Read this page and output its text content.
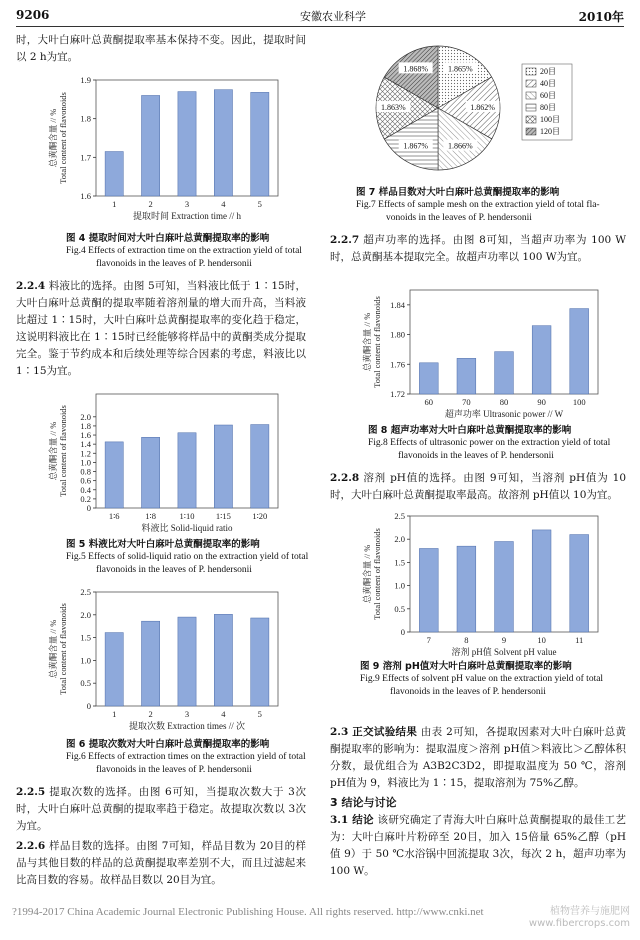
9206	安徽农业科学	2010年
时，大叶白麻叶总黄酮提取率基本保持不变。因此，提取时间以 2 h为宜。
1.6
1.7
1.8
1.9
总黄酮含量 // % Total content of flavonoids
1	2	3	4	5
提取时间 Extraction time // h
图 4 提取时间对大叶白麻叶总黄酮提取率的影响
Fig.4 Effects of extraction time on the extraction yield of total
flavonoids in the leaves of P. hendersonii
2.2.4 料液比的选择。由图 5可知，当料液比低于 1∶15时，大叶白麻叶总黄酮的提取率随着溶剂量的增大而升高，当料液比超过 1∶15时，大叶白麻叶总黄酮提取率的变化趋于稳定，这说明料液比在 1∶15时已经能够将样品中的黄酮类成分提取完全。鉴于节约成本和后续处理等综合因素的考虑，料液比以 1∶15为宜。
0
0.2
0.4
0.6
0.8
1.0
1.2
1.4
1.6
1.8
2.0
总黄酮含量 // % Total content of flavonoids
1∶6	1∶8	1∶10	1∶15	1∶20
料液比 Solid-liquid ratio
图 5 料液比对大叶白麻叶总黄酮提取率的影响
Fig.5 Effects of solid-liquid ratio on the extraction yield of total
flavonoids in the leaves of P. hendersonii
0
0.5
1.0
1.5
2.0
2.5
总黄酮含量 // % Total content of flavonoids
1	2	3	4	5
提取次数 Extraction times // 次
图 6 提取次数对大叶白麻叶总黄酮提取率的影响
Fig.6 Effects of extraction times on the extraction yield of total
flavonoids in the leaves of P. hendersonii
2.2.5 提取次数的选择。由图 6可知，当提取次数大于 3次时，大叶白麻叶总黄酮的提取率趋于稳定。故提取次数以 3次为宜。
2.2.6 样品目数的选择。由图 7可知，样品目数为 20目的样品与其他目数的样品的总黄酮提取率差别不大，而且过滤起来比高目数的容易。故样品目数以 20目为宜。
1.865%
1.862%
1.866%
1.867%
1.863%
1.868%	20目
40目
60目
80目
100目
120目
图 7 样品目数对大叶白麻叶总黄酮提取率的影响
Fig.7 Effects of sample mesh on the extraction yield of total fla-
vonoids in the leaves of P. hendersonii
2.2.7 超声功率的选择。由图 8可知，当超声功率为 100 W时，总黄酮基本提取完全。故超声功率以 100 W为宜。
1.72
1.76
1.80
1.84
总黄酮含量 // % Total content of flavonoids
60	70	80	90	100
超声功率 Ultrasonic power // W
图 8 超声功率对大叶白麻叶总黄酮提取率的影响
Fig.8 Effects of ultrasonic power on the extraction yield of total
flavonoids in the leaves of P. hendersonii
2.2.8 溶剂 pH值的选择。由图 9可知，当溶剂 pH值为 10时，大叶白麻叶总黄酮提取率最高。故溶剂 pH值以 10为宜。
0
0.5
1.0
1.5
2.0
2.5
总黄酮含量 // % Total content of flavonoids
7	8	9	10	11
溶剂 pH值 Solvent pH value
图 9 溶剂 pH值对大叶白麻叶总黄酮提取率的影响
Fig.9 Effects of solvent pH value on the extraction yield of total
flavonoids in the leaves of P. hendersonii
2.3 正交试验结果 由表 2可知，各提取因素对大叶白麻叶总黄酮提取率的影响为：提取温度＞溶剂 pH值＞料液比＞乙醇体积分数，最优组合为 A3B2C3D2，即提取温度为 50 ℃，溶剂 pH值为 9，料液比为 1∶15，提取溶剂为 75%乙醇。
3 结论与讨论
3.1 结论 该研究确定了青海大叶白麻叶总黄酮提取的最佳工艺为：大叶白麻叶片粉碎至 20目，加入 15倍量 65%乙醇（pH值 9）于 50 ℃水浴锅中回流提取 3次，每次 2 h，超声功率为 100 W。
?1994-2017 China Academic Journal Electronic Publishing House. All rights reserved. http://www.cnki.net	植物营养与施肥网
www.fibercrops.com
